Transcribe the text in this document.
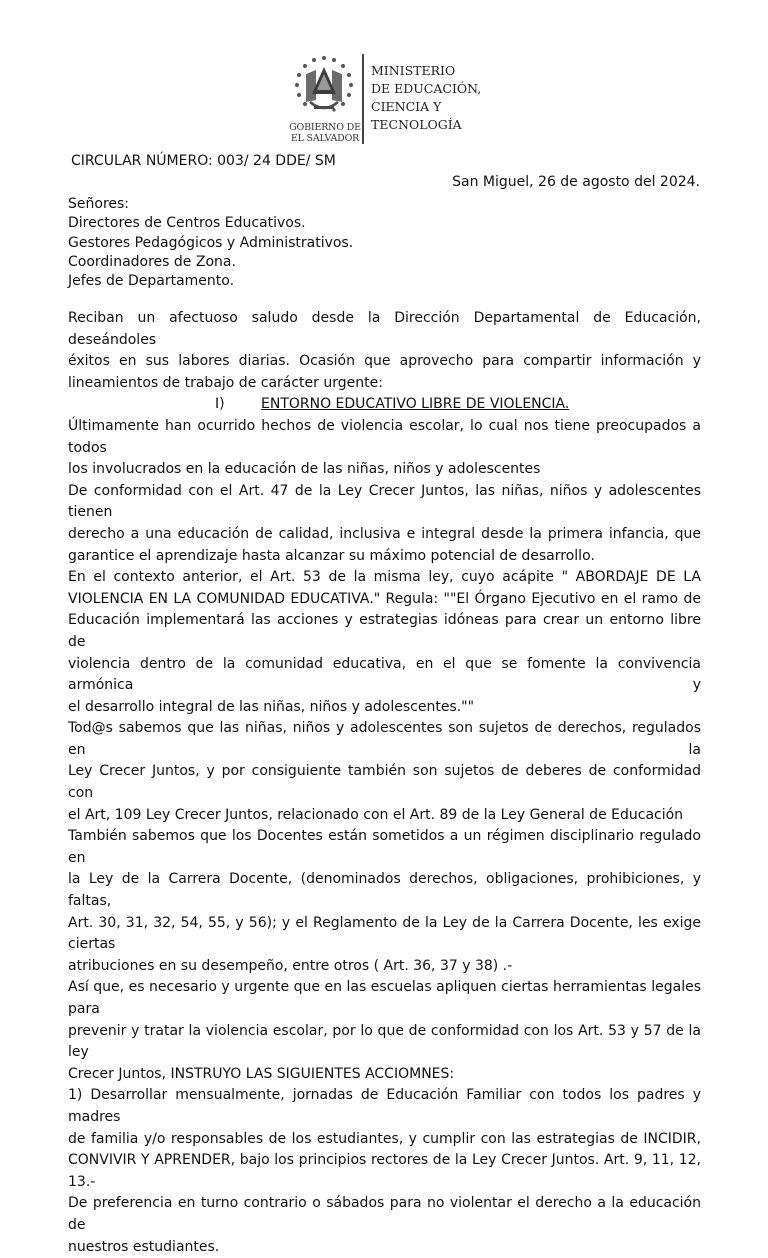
GOBIERNO DE
EL SALVADOR
MINISTERIO
DE EDUCACIÓN,
CIENCIA Y
TECNOLOGÍA
CIRCULAR NÚMERO: 003/ 24 DDE/ SM
San Miguel, 26 de agosto del 2024.
Señores:
Directores de Centros Educativos.
Gestores Pedagógicos y Administrativos.
Coordinadores de Zona.
Jefes de Departamento.

Reciban un afectuoso saludo desde la Dirección Departamental de Educación, deseándoles
éxitos en sus labores diarias. Ocasión que aprovecho para compartir información y
lineamientos de trabajo de carácter urgente:

I)	ENTORNO EDUCATIVO LIBRE DE VIOLENCIA.

Últimamente han ocurrido hechos de violencia escolar, lo cual nos tiene preocupados a todos
los involucrados en la educación de las niñas, niños y adolescentes

De conformidad con el Art. 47 de la Ley Crecer Juntos, las niñas, niños y adolescentes tienen
derecho a una educación de calidad, inclusiva e integral desde la primera infancia, que
garantice el aprendizaje hasta alcanzar su máximo potencial de desarrollo.

En el contexto anterior, el Art. 53 de la misma ley, cuyo acápite " ABORDAJE DE LA
VIOLENCIA EN LA COMUNIDAD EDUCATIVA." Regula: ""El Órgano Ejecutivo en el ramo de
Educación implementará las acciones y estrategias idóneas para crear un entorno libre de
violencia dentro de la comunidad educativa, en el que se fomente la convivencia armónica y
el desarrollo integral de las niñas, niños y adolescentes.""

Tod@s sabemos que las niñas, niños y adolescentes son sujetos de derechos, regulados en la
Ley Crecer Juntos, y por consiguiente también son sujetos de deberes de conformidad con
el Art, 109 Ley Crecer Juntos, relacionado con el Art. 89 de la Ley General de Educación

También sabemos que los Docentes están sometidos a un régimen disciplinario regulado en
la Ley de la Carrera Docente, (denominados derechos, obligaciones, prohibiciones, y faltas,
Art. 30, 31, 32, 54, 55, y 56); y el Reglamento de la Ley de la Carrera Docente, les exige ciertas
atribuciones en su desempeño, entre otros ( Art. 36, 37 y 38) .-

Así que, es necesario y urgente que en las escuelas apliquen ciertas herramientas legales para
prevenir y tratar la violencia escolar, por lo que de conformidad con los Art. 53 y 57 de la ley
Crecer Juntos, INSTRUYO LAS SIGUIENTES ACCIOMNES:

1) Desarrollar mensualmente, jornadas de Educación Familiar con todos los padres y madres
de familia y/o responsables de los estudiantes, y cumplir con las estrategias de INCIDIR,
CONVIVIR Y APRENDER, bajo los principios rectores de la Ley Crecer Juntos. Art. 9, 11, 12, 13.-
De preferencia en turno contrario o sábados para no violentar el derecho a la educación de
nuestros estudiantes.
